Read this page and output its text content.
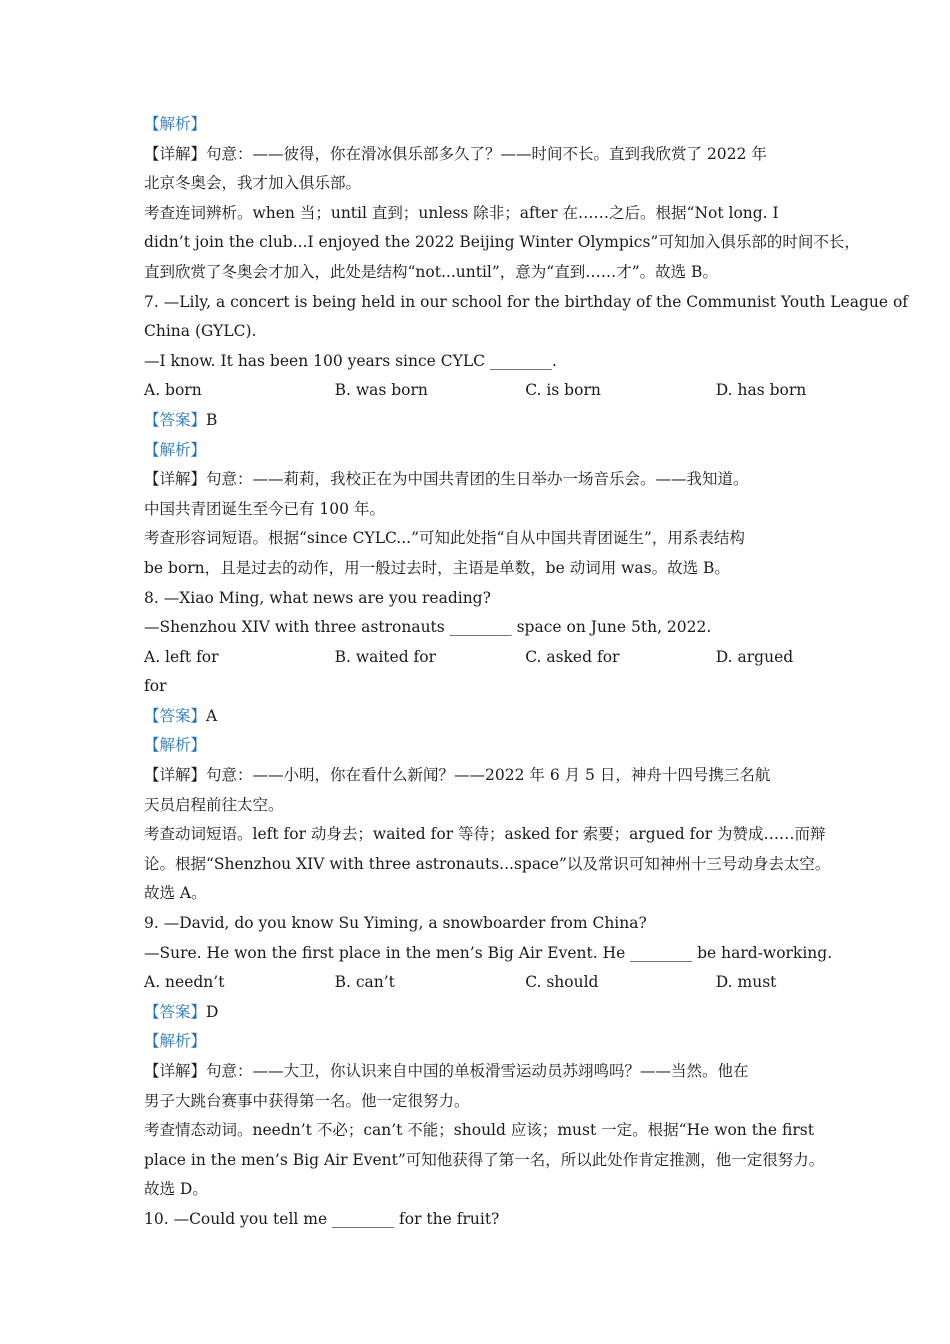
【解析】
【详解】句意：——彼得，你在滑冰俱乐部多久了？——时间不长。直到我欣赏了 2022 年
北京冬奥会，我才加入俱乐部。
考查连词辨析。when 当；until 直到；unless 除非；after 在……之后。根据“Not long. I
didn’t join the club...I enjoyed the 2022 Beijing Winter Olympics”可知加入俱乐部的时间不长，
直到欣赏了冬奥会才加入，此处是结构“not...until”，意为“直到……才”。故选 B。
7. —Lily, a concert is being held in our school for the birthday of the Communist Youth League of
China (GYLC).
—I know. It has been 100 years since CYLC ________.
A. born	B. was born	C. is born	D. has born
【答案】B
【解析】
【详解】句意：——莉莉，我校正在为中国共青团的生日举办一场音乐会。——我知道。
中国共青团诞生至今已有 100 年。
考查形容词短语。根据“since CYLC...”可知此处指“自从中国共青团诞生”，用系表结构
be born，且是过去的动作，用一般过去时，主语是单数，be 动词用 was。故选 B。
8. —Xiao Ming, what news are you reading?
—Shenzhou XIV with three astronauts ________ space on June 5th, 2022.
A. left for	B. waited for	C. asked for	D. argued
for
【答案】A
【解析】
【详解】句意：——小明，你在看什么新闻？——2022 年 6 月 5 日，神舟十四号携三名航
天员启程前往太空。
考查动词短语。left for 动身去；waited for 等待；asked for 索要；argued for 为赞成……而辩
论。根据“Shenzhou XIV with three astronauts...space”以及常识可知神州十三号动身去太空。
故选 A。
9. —David, do you know Su Yiming, a snowboarder from China?
—Sure. He won the first place in the men’s Big Air Event. He ________ be hard-working.
A. needn’t	B. can’t	C. should	D. must
【答案】D
【解析】
【详解】句意：——大卫，你认识来自中国的单板滑雪运动员苏翊鸣吗？——当然。他在
男子大跳台赛事中获得第一名。他一定很努力。
考查情态动词。needn’t 不必；can’t 不能；should 应该；must 一定。根据“He won the first
place in the men’s Big Air Event”可知他获得了第一名，所以此处作肯定推测，他一定很努力。
故选 D。
10. —Could you tell me ________ for the fruit?
